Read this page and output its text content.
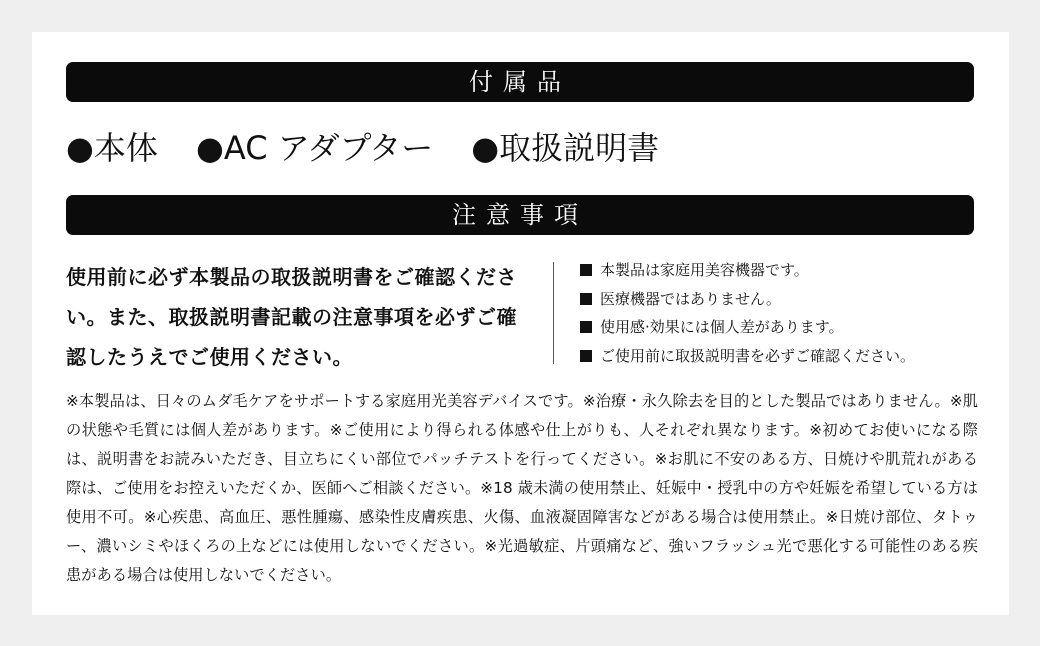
付属品
●本体 ●AC アダプター ●取扱説明書
注意事項
使用前に必ず本製品の取扱説明書をご確認ください。また、取扱説明書記載の注意事項を必ずご確認したうえでご使用ください。
本製品は家庭用美容機器です。
医療機器ではありません。
使用感·効果には個人差があります。
ご使用前に取扱説明書を必ずご確認ください。
※本製品は、日々のムダ毛ケアをサポートする家庭用光美容デバイスです。※治療・永久除去を目的とした製品ではありません。※肌の状態や毛質には個人差があります。※ご使用により得られる体感や仕上がりも、人それぞれ異なります。※初めてお使いになる際は、説明書をお読みいただき、目立ちにくい部位でパッチテストを行ってください。※お肌に不安のある方、日焼けや肌荒れがある際は、ご使用をお控えいただくか、医師へご相談ください。※18 歳未満の使用禁止、妊娠中・授乳中の方や妊娠を希望している方は使用不可。※心疾患、高血圧、悪性腫瘍、感染性皮膚疾患、火傷、血液凝固障害などがある場合は使用禁止。※日焼け部位、タトゥー、濃いシミやほくろの上などには使用しないでください。※光過敏症、片頭痛など、強いフラッシュ光で悪化する可能性のある疾患がある場合は使用しないでください。
